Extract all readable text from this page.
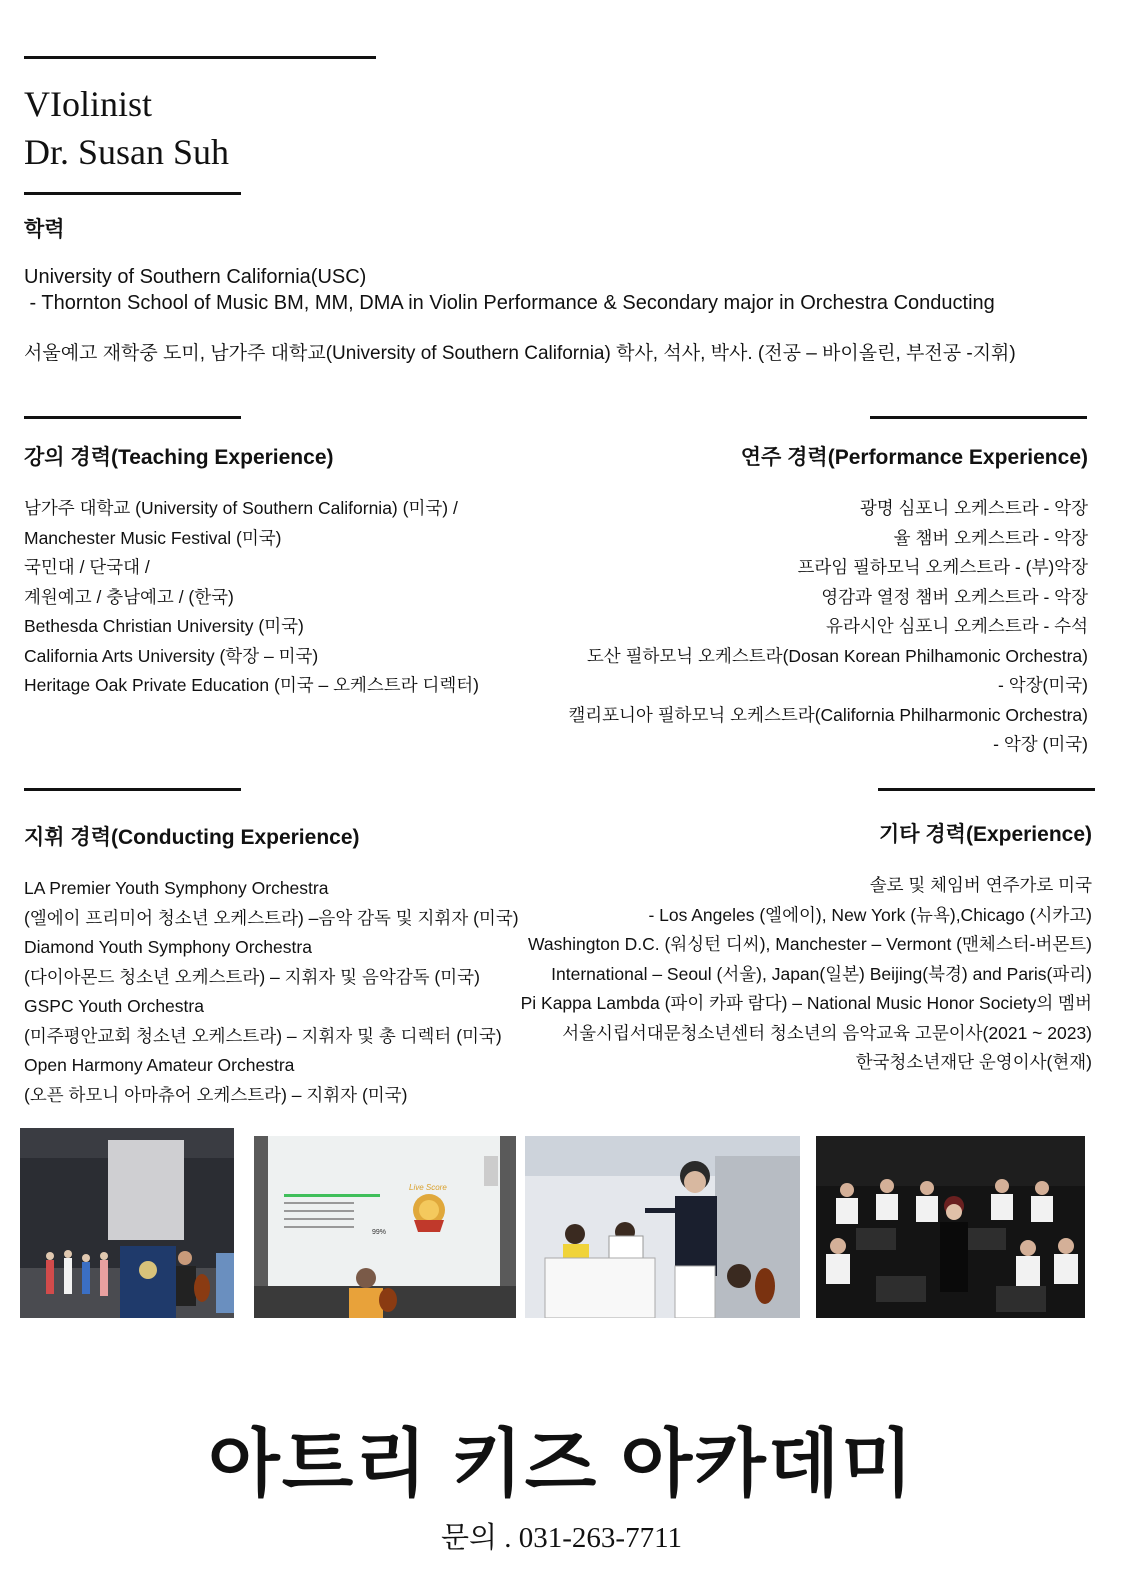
VIolinist
Dr. Susan Suh
학력
University of Southern California(USC)
- Thornton School of Music BM, MM, DMA in Violin Performance & Secondary major in Orchestra Conducting
서울예고 재학중 도미, 남가주 대학교(University of Southern California) 학사, 석사, 박사. (전공 – 바이올린, 부전공 -지휘)
강의 경력(Teaching Experience)
남가주 대학교 (University of Southern California) (미국) /
Manchester Music Festival (미국)
국민대 / 단국대 /
계원예고 / 충남예고 / (한국)
Bethesda Christian University (미국)
California Arts University (학장 – 미국)
Heritage Oak Private Education (미국 – 오케스트라 디렉터)
연주 경력(Performance Experience)
광명 심포니 오케스트라 - 악장
율 챔버 오케스트라 - 악장
프라임 필하모닉 오케스트라 - (부)악장
영감과 열정 챔버 오케스트라 - 악장
유라시안 심포니 오케스트라 - 수석
도산 필하모닉 오케스트라(Dosan Korean Philhamonic Orchestra)
- 악장(미국)
캘리포니아 필하모닉 오케스트라(California Philharmonic Orchestra)
- 악장 (미국)
지휘 경력(Conducting Experience)
LA Premier Youth Symphony Orchestra
(엘에이 프리미어 청소년 오케스트라) –음악 감독 및 지휘자 (미국)
Diamond Youth Symphony Orchestra
(다이아몬드 청소년 오케스트라) – 지휘자 및 음악감독 (미국)
GSPC Youth Orchestra
(미주평안교회 청소년 오케스트라) – 지휘자 및 총 디렉터 (미국)
Open Harmony Amateur Orchestra
(오픈 하모니 아마츄어 오케스트라) – 지휘자 (미국)
기타 경력(Experience)
솔로 및 체임버 연주가로 미국
- Los Angeles (엘에이), New York (뉴욕),Chicago (시카고)
Washington D.C. (워싱턴 디씨), Manchester – Vermont (맨체스터-버몬트)
International – Seoul (서울), Japan(일본) Beijing(북경) and Paris(파리)
Pi Kappa Lambda (파이 카파 람다) – National Music Honor Society의 멤버
서울시립서대문청소년센터 청소년의 음악교육 고문이사(2021 ~ 2023)
한국청소년재단 운영이사(현재)
Live Score
99%
아트리 키즈 아카데미
문의 . 031-263-7711
